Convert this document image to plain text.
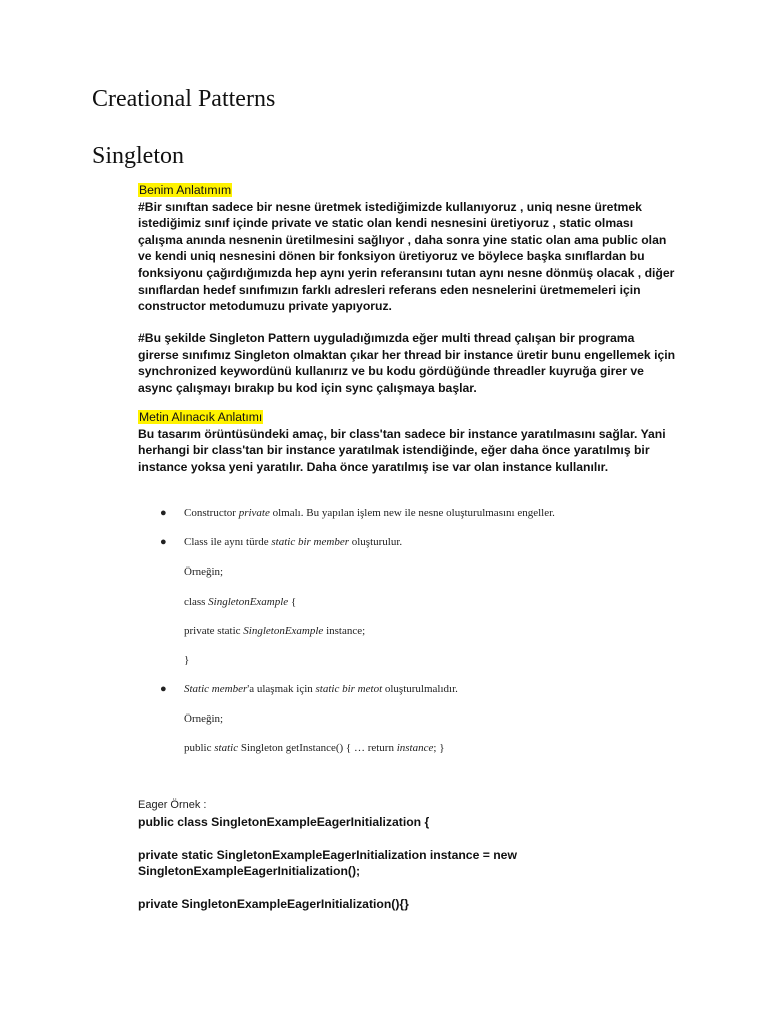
Creational Patterns
Singleton
Benim Anlatımım
#Bir sınıftan sadece bir nesne üretmek istediğimizde kullanıyoruz , uniq nesne üretmek istediğimiz sınıf içinde private ve static olan kendi nesnesini üretiyoruz , static olması çalışma anında nesnenin üretilmesini sağlıyor , daha sonra yine static olan ama public olan ve kendi uniq nesnesini dönen bir fonksiyon üretiyoruz ve böylece başka sınıflardan bu fonksiyonu çağırdığımızda hep aynı yerin referansını tutan aynı nesne dönmüş olacak , diğer sınıflardan hedef sınıfımızın farklı adresleri referans eden nesnelerini üretmemeleri için constructor metodumuzu private yapıyoruz.
#Bu şekilde Singleton Pattern uyguladığımızda eğer multi thread çalışan bir programa girerse sınıfımız Singleton olmaktan çıkar her thread bir instance üretir bunu engellemek için synchronized keywordünü kullanırız ve bu kodu gördüğünde threadler kuyruğa girer ve async çalışmayı bırakıp bu kod için sync çalışmaya başlar.
Metin Alınacık Anlatımı
Bu tasarım örüntüsündeki amaç, bir class'tan sadece bir instance yaratılmasını sağlar. Yani herhangi bir class'tan bir instance yaratılmak istendiğinde, eğer daha önce yaratılmış bir instance yoksa yeni yaratılır. Daha önce yaratılmış ise var olan instance kullanılır.
● Constructor private olmalı. Bu yapılan işlem new ile nesne oluşturulmasını engeller.
● Class ile aynı türde static bir member oluşturulur.
Örneğin;
class SingletonExample {
private static SingletonExample instance;
}
● Static member'a ulaşmak için static bir metot oluşturulmalıdır.
Örneğin;
public static Singleton getInstance() { … return instance; }
Eager Örnek :
public class SingletonExampleEagerInitialization {
private static SingletonExampleEagerInitialization instance = new
SingletonExampleEagerInitialization();
private SingletonExampleEagerInitialization(){}
